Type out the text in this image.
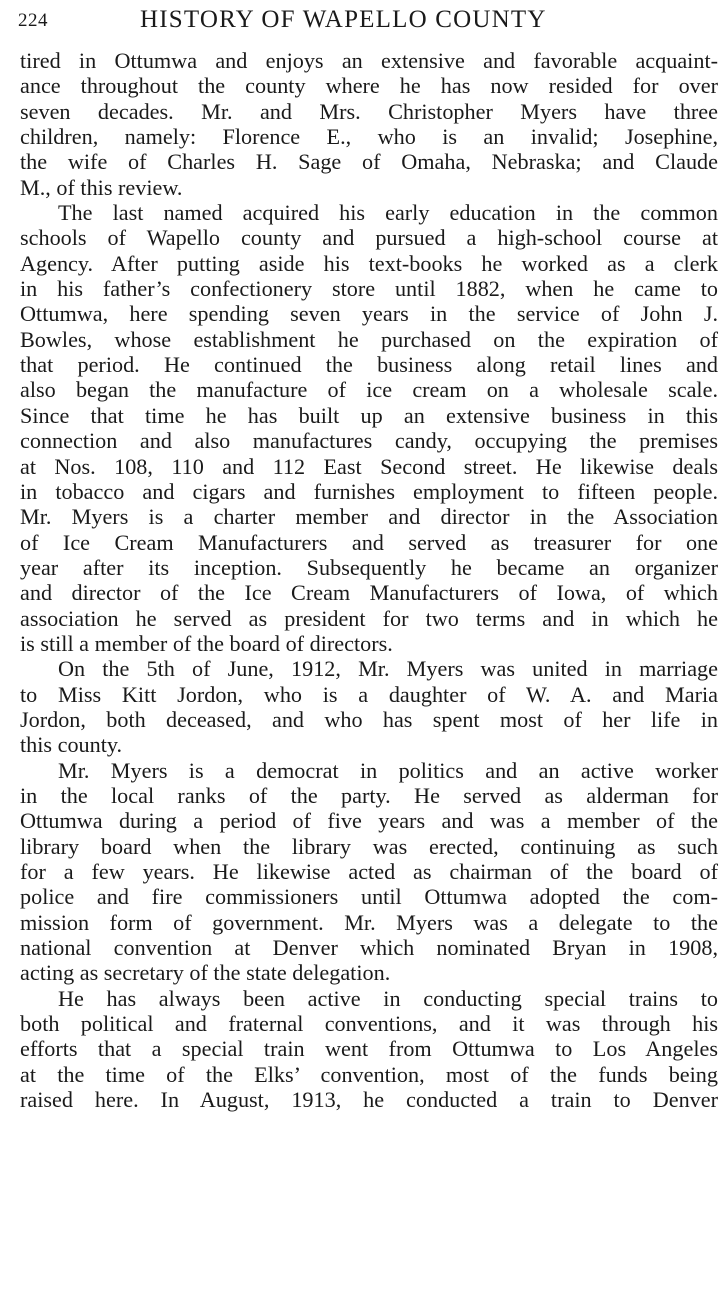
224	HISTORY OF WAPELLO COUNTY
tired in Ottumwa and enjoys an extensive and favorable acquaint-
ance throughout the county where he has now resided for over
seven decades. Mr. and Mrs. Christopher Myers have three
children, namely: Florence E., who is an invalid; Josephine,
the wife of Charles H. Sage of Omaha, Nebraska; and Claude
M., of this review.
The last named acquired his early education in the common
schools of Wapello county and pursued a high-school course at
Agency. After putting aside his text-books he worked as a clerk
in his father’s confectionery store until 1882, when he came to
Ottumwa, here spending seven years in the service of John J.
Bowles, whose establishment he purchased on the expiration of
that period. He continued the business along retail lines and
also began the manufacture of ice cream on a wholesale scale.
Since that time he has built up an extensive business in this
connection and also manufactures candy, occupying the premises
at Nos. 108, 110 and 112 East Second street. He likewise deals
in tobacco and cigars and furnishes employment to fifteen people.
Mr. Myers is a charter member and director in the Association
of Ice Cream Manufacturers and served as treasurer for one
year after its inception. Subsequently he became an organizer
and director of the Ice Cream Manufacturers of Iowa, of which
association he served as president for two terms and in which he
is still a member of the board of directors.
On the 5th of June, 1912, Mr. Myers was united in marriage
to Miss Kitt Jordon, who is a daughter of W. A. and Maria
Jordon, both deceased, and who has spent most of her life in
this county.
Mr. Myers is a democrat in politics and an active worker
in the local ranks of the party. He served as alderman for
Ottumwa during a period of five years and was a member of the
library board when the library was erected, continuing as such
for a few years. He likewise acted as chairman of the board of
police and fire commissioners until Ottumwa adopted the com-
mission form of government. Mr. Myers was a delegate to the
national convention at Denver which nominated Bryan in 1908,
acting as secretary of the state delegation.
He has always been active in conducting special trains to
both political and fraternal conventions, and it was through his
efforts that a special train went from Ottumwa to Los Angeles
at the time of the Elks’ convention, most of the funds being
raised here. In August, 1913, he conducted a train to Denver
